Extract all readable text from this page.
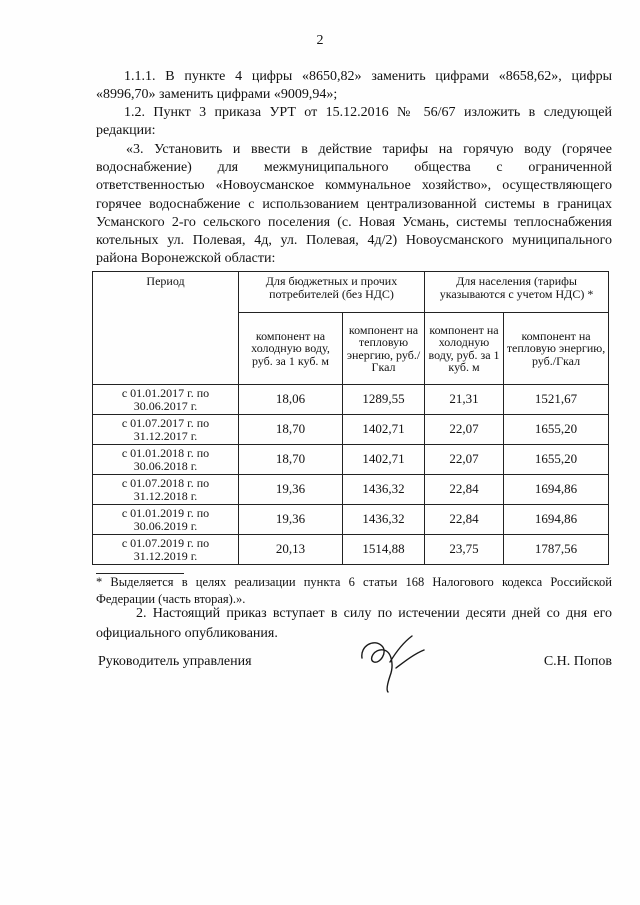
2
1.1.1. В пункте 4 цифры «8650,82» заменить цифрами «8658,62», цифры «8996,70» заменить цифрами «9009,94»;
1.2. Пункт 3 приказа УРТ от 15.12.2016 № 56/67 изложить в следующей редакции:
«3. Установить и ввести в действие тарифы на горячую воду (горячее водоснабжение) для межмуниципального общества с ограниченной ответственностью «Новоусманское коммунальное хозяйство», осуществляющего горячее водоснабжение с использованием централизованной системы в границах Усманского 2-го сельского поселения (с. Новая Усмань, системы теплоснабжения котельных ул. Полевая, 4д, ул. Полевая, 4д/2) Новоусманского муниципального района Воронежской области:
Период	Для бюджетных и прочих потребителей (без НДС)		Для населения (тарифы указываются с учетом НДС) *	
	компонент на холодную воду, руб. за 1 куб. м	компонент на тепловую энергию, руб./Гкал	компонент на холодную воду, руб. за 1 куб. м	компонент на тепловую энергию, руб./Гкал
с 01.01.2017 г. по 30.06.2017 г.	18,06	1289,55	21,31	1521,67
с 01.07.2017 г. по 31.12.2017 г.	18,70	1402,71	22,07	1655,20
с 01.01.2018 г. по 30.06.2018 г.	18,70	1402,71	22,07	1655,20
с 01.07.2018 г. по 31.12.2018 г.	19,36	1436,32	22,84	1694,86
с 01.01.2019 г. по 30.06.2019 г.	19,36	1436,32	22,84	1694,86
с 01.07.2019 г. по 31.12.2019 г.	20,13	1514,88	23,75	1787,56
* Выделяется в целях реализации пункта 6 статьи 168 Налогового кодекса Российской Федерации (часть вторая).».
2. Настоящий приказ вступает в силу по истечении десяти дней со дня его официального опубликования.
Руководитель управления	С.Н. Попов
